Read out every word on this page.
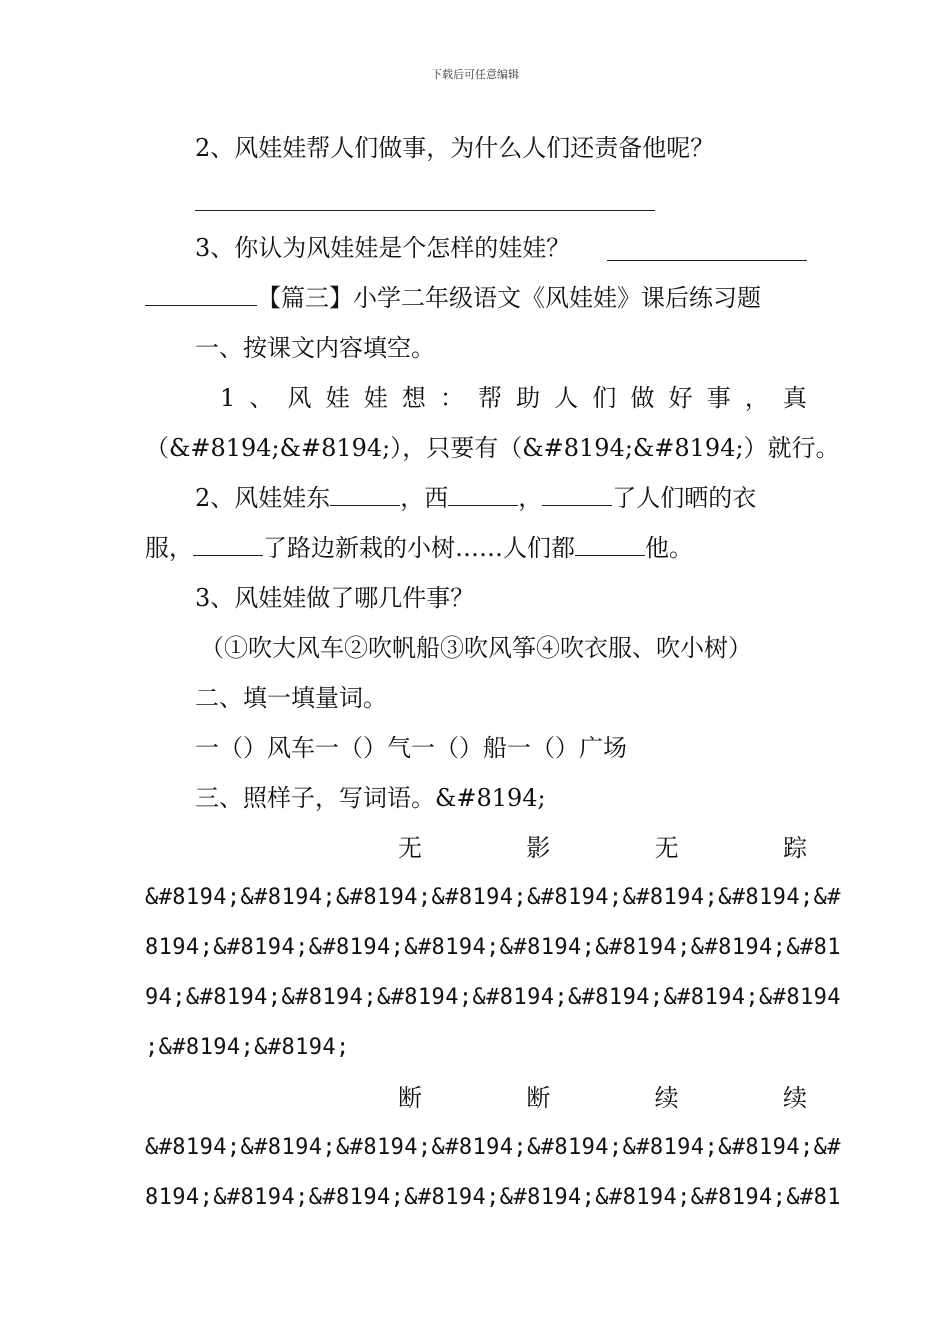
下载后可任意编辑
2、风娃娃帮人们做事，为什么人们还责备他呢？
3、你认为风娃娃是个怎样的娃娃？
【篇三】小学二年级语文《风娃娃》课后练习题
一、按课文内容填空。
1 、 风 娃 娃 想 ： 帮 助 人 们 做 好 事 ， 真
（&#8194;&#8194;），只要有（&#8194;&#8194;）就行。
2、风娃娃东	，西	，	了人们晒的衣
服，	了路边新栽的小树……人们都	他。
3、风娃娃做了哪几件事？
（①吹大风车②吹帆船③吹风筝④吹衣服、吹小树）
二、填一填量词。
一（）风车一（）气一（）船一（）广场
三、照样子，写词语。&#8194;
无	影	无	踪
&#8194;&#8194;&#8194;&#8194;&#8194;&#8194;&#8194;&#
8194;&#8194;&#8194;&#8194;&#8194;&#8194;&#8194;&#81
94;&#8194;&#8194;&#8194;&#8194;&#8194;&#8194;&#8194
;&#8194;&#8194;
断	断	续	续
&#8194;&#8194;&#8194;&#8194;&#8194;&#8194;&#8194;&#
8194;&#8194;&#8194;&#8194;&#8194;&#8194;&#8194;&#81
